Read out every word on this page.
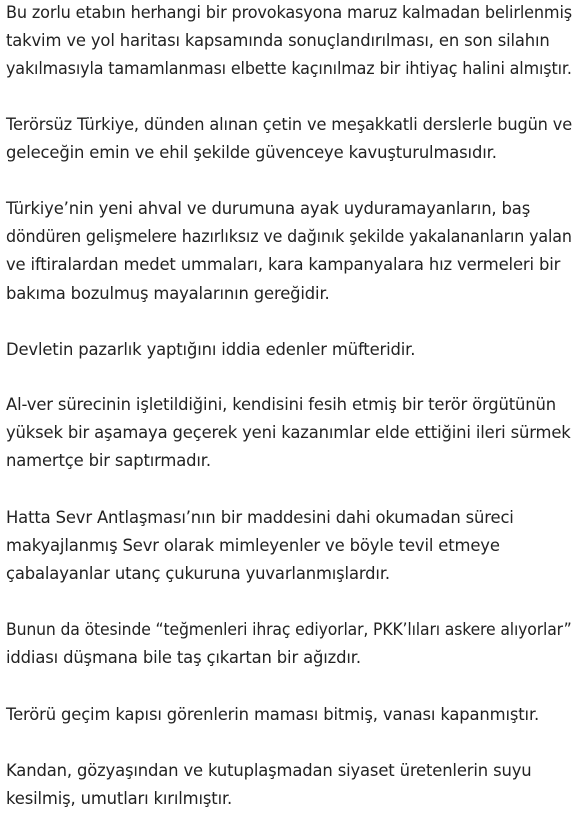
Bu zorlu etabın herhangi bir provokasyona maruz kalmadan belirlenmiş
takvim ve yol haritası kapsamında sonuçlandırılması, en son silahın
yakılmasıyla tamamlanması elbette kaçınılmaz bir ihtiyaç halini almıştır.

Terörsüz Türkiye, dünden alınan çetin ve meşakkatli derslerle bugün ve
geleceğin emin ve ehil şekilde güvenceye kavuşturulmasıdır.

Türkiye’nin yeni ahval ve durumuna ayak uyduramayanların, baş
döndüren gelişmelere hazırlıksız ve dağınık şekilde yakalananların yalan
ve iftiralardan medet ummaları, kara kampanyalara hız vermeleri bir
bakıma bozulmuş mayalarının gereğidir.

Devletin pazarlık yaptığını iddia edenler müfteridir.

Al-ver sürecinin işletildiğini, kendisini fesih etmiş bir terör örgütünün
yüksek bir aşamaya geçerek yeni kazanımlar elde ettiğini ileri sürmek
namertçe bir saptırmadır.

Hatta Sevr Antlaşması’nın bir maddesini dahi okumadan süreci
makyajlanmış Sevr olarak mimleyenler ve böyle tevil etmeye
çabalayanlar utanç çukuruna yuvarlanmışlardır.

Bunun da ötesinde “teğmenleri ihraç ediyorlar, PKK’lıları askere alıyorlar”
iddiası düşmana bile taş çıkartan bir ağızdır.

Terörü geçim kapısı görenlerin maması bitmiş, vanası kapanmıştır.

Kandan, gözyaşından ve kutuplaşmadan siyaset üretenlerin suyu
kesilmiş, umutları kırılmıştır.
